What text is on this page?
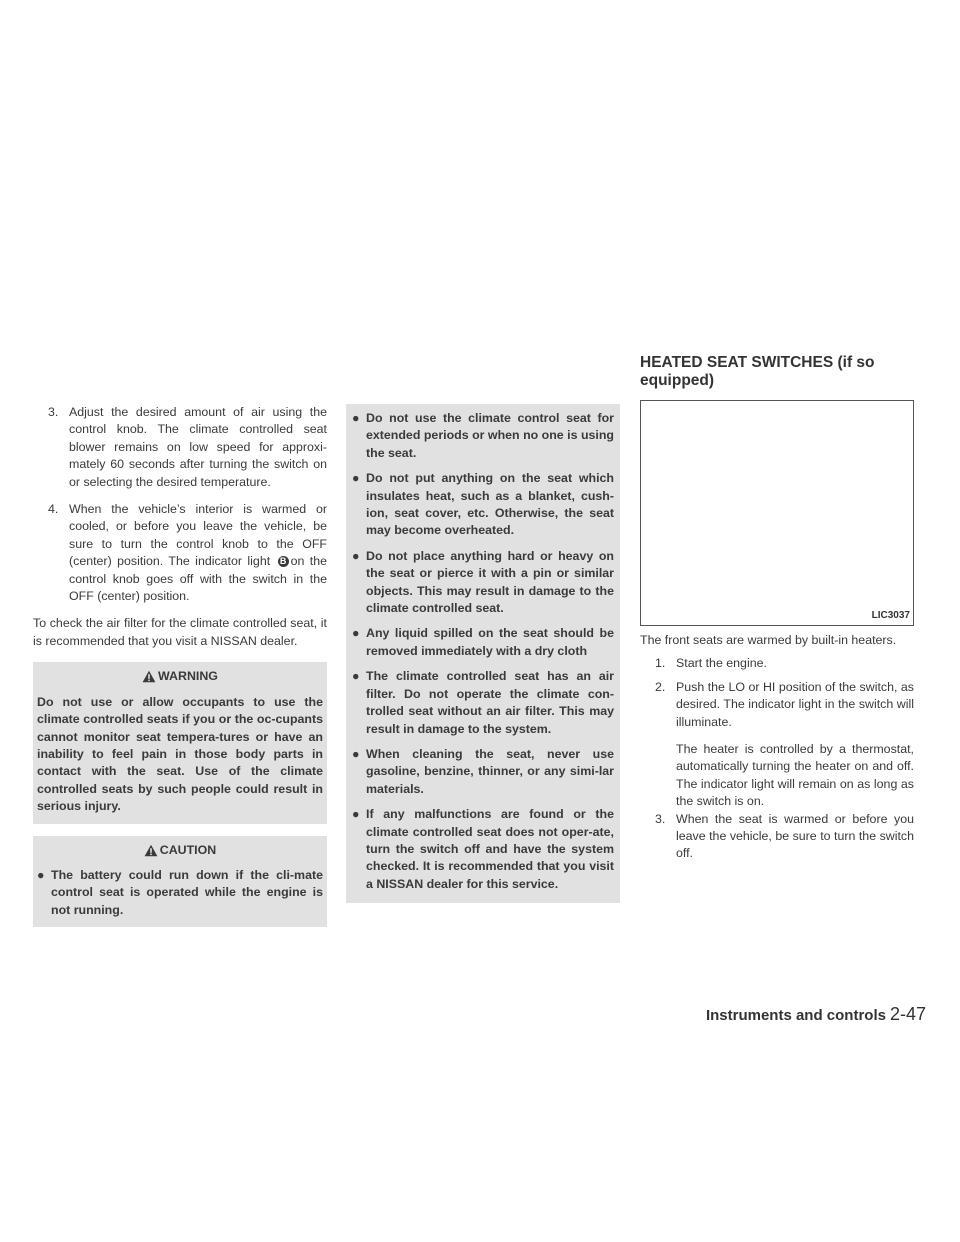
3. Adjust the desired amount of air using the control knob. The climate controlled seat blower remains on low speed for approxi-mately 60 seconds after turning the switch on or selecting the desired temperature.
4. When the vehicle’s interior is warmed or cooled, or before you leave the vehicle, be sure to turn the control knob to the OFF (center) position. The indicator light B on the control knob goes off with the switch in the OFF (center) position.

To check the air filter for the climate controlled seat, it is recommended that you visit a NISSAN dealer.

WARNING
Do not use or allow occupants to use the climate controlled seats if you or the oc-cupants cannot monitor seat tempera-tures or have an inability to feel pain in those body parts in contact with the seat. Use of the climate controlled seats by such people could result in serious injury.
CAUTION
● The battery could run down if the cli-mate control seat is operated while the engine is not running.
● Do not use the climate control seat for extended periods or when no one is using the seat.
● Do not put anything on the seat which insulates heat, such as a blanket, cush-ion, seat cover, etc. Otherwise, the seat may become overheated.
● Do not place anything hard or heavy on the seat or pierce it with a pin or similar objects. This may result in damage to the climate controlled seat.
● Any liquid spilled on the seat should be removed immediately with a dry cloth
● The climate controlled seat has an air filter. Do not operate the climate con-trolled seat without an air filter. This may result in damage to the system.
● When cleaning the seat, never use gasoline, benzine, thinner, or any simi-lar materials.
● If any malfunctions are found or the climate controlled seat does not oper-ate, turn the switch off and have the system checked. It is recommended that you visit a NISSAN dealer for this service.
HEATED SEAT SWITCHES (if so equipped)
LIC3037

The front seats are warmed by built-in heaters.

1. Start the engine.
2. Push the LO or HI position of the switch, as desired. The indicator light in the switch will illuminate.

The heater is controlled by a thermostat, automatically turning the heater on and off. The indicator light will remain on as long as the switch is on.

3. When the seat is warmed or before you leave the vehicle, be sure to turn the switch off.
Instruments and controls 2-47
